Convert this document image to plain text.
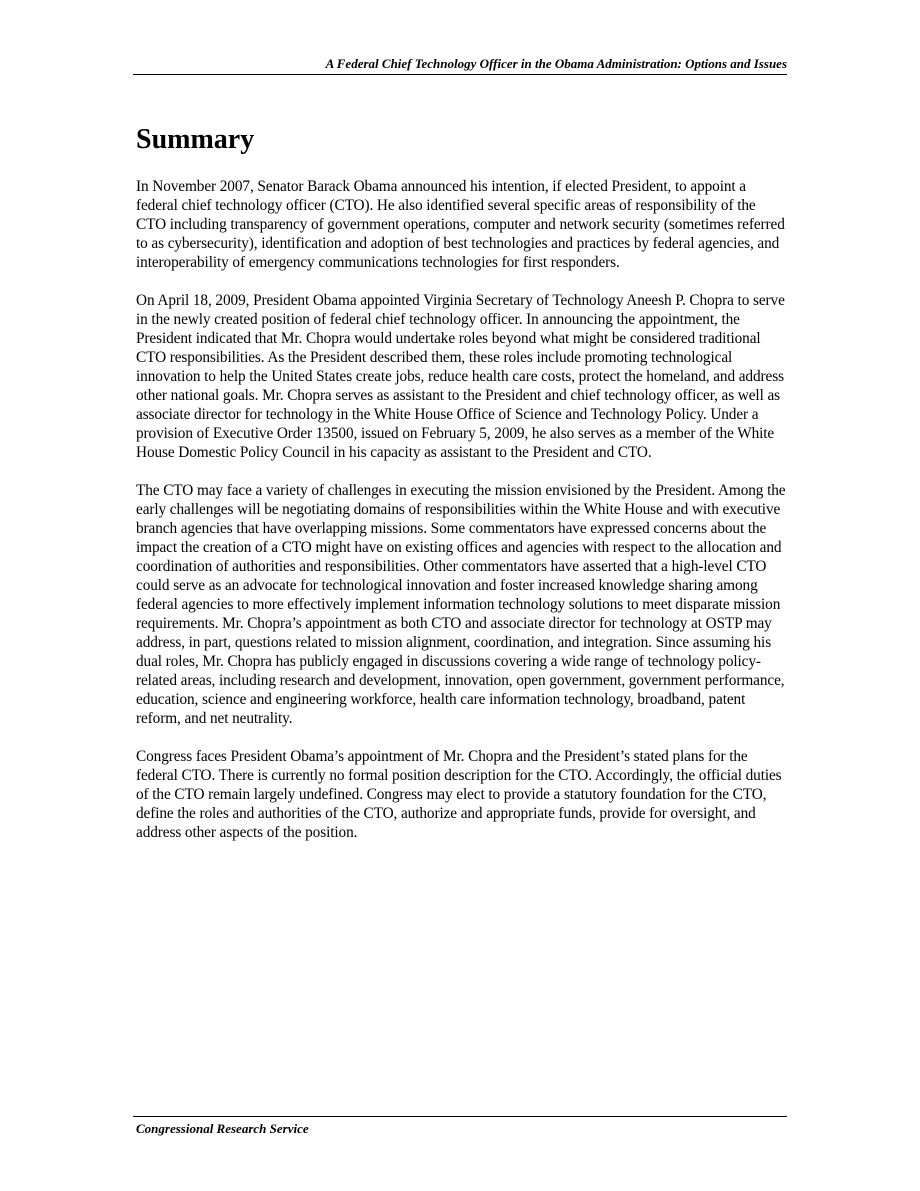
A Federal Chief Technology Officer in the Obama Administration: Options and Issues
Summary

In November 2007, Senator Barack Obama announced his intention, if elected President, to appoint a federal chief technology officer (CTO). He also identified several specific areas of responsibility of the CTO including transparency of government operations, computer and network security (sometimes referred to as cybersecurity), identification and adoption of best technologies and practices by federal agencies, and interoperability of emergency communications technologies for first responders.

On April 18, 2009, President Obama appointed Virginia Secretary of Technology Aneesh P. Chopra to serve in the newly created position of federal chief technology officer. In announcing the appointment, the President indicated that Mr. Chopra would undertake roles beyond what might be considered traditional CTO responsibilities. As the President described them, these roles include promoting technological innovation to help the United States create jobs, reduce health care costs, protect the homeland, and address other national goals. Mr. Chopra serves as assistant to the President and chief technology officer, as well as associate director for technology in the White House Office of Science and Technology Policy. Under a provision of Executive Order 13500, issued on February 5, 2009, he also serves as a member of the White House Domestic Policy Council in his capacity as assistant to the President and CTO.

The CTO may face a variety of challenges in executing the mission envisioned by the President. Among the early challenges will be negotiating domains of responsibilities within the White House and with executive branch agencies that have overlapping missions. Some commentators have expressed concerns about the impact the creation of a CTO might have on existing offices and agencies with respect to the allocation and coordination of authorities and responsibilities. Other commentators have asserted that a high-level CTO could serve as an advocate for technological innovation and foster increased knowledge sharing among federal agencies to more effectively implement information technology solutions to meet disparate mission requirements. Mr. Chopra’s appointment as both CTO and associate director for technology at OSTP may address, in part, questions related to mission alignment, coordination, and integration. Since assuming his dual roles, Mr. Chopra has publicly engaged in discussions covering a wide range of technology policy-related areas, including research and development, innovation, open government, government performance, education, science and engineering workforce, health care information technology, broadband, patent reform, and net neutrality.

Congress faces President Obama’s appointment of Mr. Chopra and the President’s stated plans for the federal CTO. There is currently no formal position description for the CTO. Accordingly, the official duties of the CTO remain largely undefined. Congress may elect to provide a statutory foundation for the CTO, define the roles and authorities of the CTO, authorize and appropriate funds, provide for oversight, and address other aspects of the position.

Congressional Research Service
